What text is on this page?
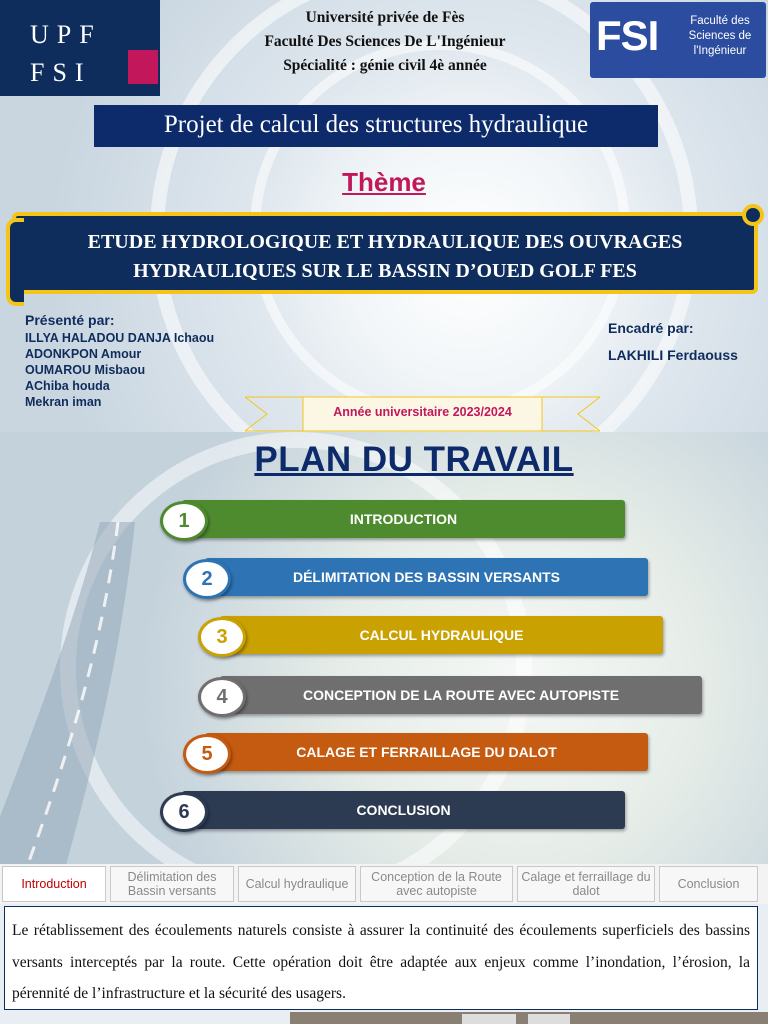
UPF
FSI
Université privée de Fès
Faculté Des Sciences De L'Ingénieur
Spécialité : génie civil 4è année
FSI	Faculté des Sciences de l'Ingénieur
Projet de calcul des structures hydraulique
Thème
ETUDE HYDROLOGIQUE ET HYDRAULIQUE DES OUVRAGES HYDRAULIQUES SUR LE BASSIN D’OUED GOLF FES
Présenté par:
ILLYA HALADOU DANJA Ichaou
ADONKPON Amour
OUMAROU Misbaou
AChiba houda
Mekran iman
Encadré par:
LAKHILI Ferdaouss
Année universitaire 2023/2024
PLAN DU TRAVAIL
INTRODUCTION
1
DÉLIMITATION DES BASSIN VERSANTS
2
CALCUL HYDRAULIQUE
3
CONCEPTION DE LA ROUTE AVEC AUTOPISTE
4
CALAGE ET FERRAILLAGE DU DALOT
5
CONCLUSION
6
Introduction	Délimitation des Bassin versants	Calcul hydraulique	Conception de la Route avec autopiste
Calage et ferraillage du dalot	Conclusion
Le rétablissement des écoulements naturels consiste à assurer la continuité des écoulements superficiels des bassins versants interceptés par la route. Cette opération doit être adaptée aux enjeux comme l’inondation, l’érosion, la pérennité de l’infrastructure et la sécurité des usagers.
